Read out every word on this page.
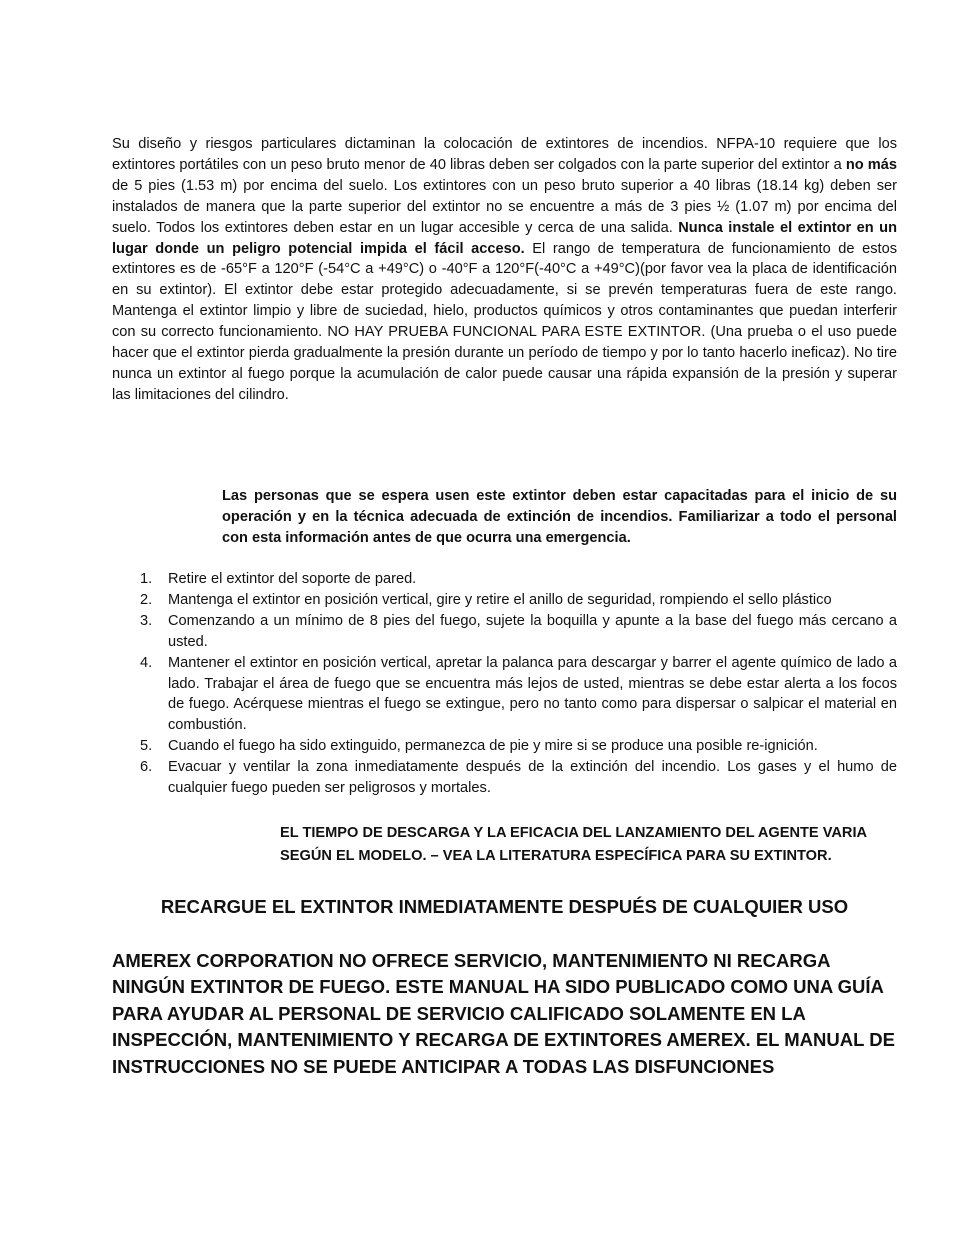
Su diseño y riesgos particulares dictaminan la colocación de extintores de incendios. NFPA-10 requiere que los extintores portátiles con un peso bruto menor de 40 libras deben ser colgados con la parte superior del extintor a no más de 5 pies (1.53 m) por encima del suelo. Los extintores con un peso bruto superior a 40 libras (18.14 kg) deben ser instalados de manera que la parte superior del extintor no se encuentre a más de 3 pies ½ (1.07 m) por encima del suelo. Todos los extintores deben estar en un lugar accesible y cerca de una salida. Nunca instale el extintor en un lugar donde un peligro potencial impida el fácil acceso. El rango de temperatura de funcionamiento de estos extintores es de -65°F a 120°F (-54°C a +49°C) o -40°F a 120°F(-40°C a +49°C)(por favor vea la placa de identificación en su extintor). El extintor debe estar protegido adecuadamente, si se prevén temperaturas fuera de este rango. Mantenga el extintor limpio y libre de suciedad, hielo, productos químicos y otros contaminantes que puedan interferir con su correcto funcionamiento. NO HAY PRUEBA FUNCIONAL PARA ESTE EXTINTOR. (Una prueba o el uso puede hacer que el extintor pierda gradualmente la presión durante un período de tiempo y por lo tanto hacerlo ineficaz). No tire nunca un extintor al fuego porque la acumulación de calor puede causar una rápida expansión de la presión y superar las limitaciones del cilindro.

Las personas que se espera usen este extintor deben estar capacitadas para el inicio de su operación y en la técnica adecuada de extinción de incendios. Familiarizar a todo el personal con esta información antes de que ocurra una emergencia.

1. Retire el extintor del soporte de pared.
2. Mantenga el extintor en posición vertical, gire y retire el anillo de seguridad, rompiendo el sello plástico
3. Comenzando a un mínimo de 8 pies del fuego, sujete la boquilla y apunte a la base del fuego más cercano a usted.
4. Mantener el extintor en posición vertical, apretar la palanca para descargar y barrer el agente químico de lado a lado. Trabajar el área de fuego que se encuentra más lejos de usted, mientras se debe estar alerta a los focos de fuego. Acérquese mientras el fuego se extingue, pero no tanto como para dispersar o salpicar el material en combustión.
5. Cuando el fuego ha sido extinguido, permanezca de pie y mire si se produce una posible re-ignición.
6. Evacuar y ventilar la zona inmediatamente después de la extinción del incendio. Los gases y el humo de cualquier fuego pueden ser peligrosos y mortales.
EL TIEMPO DE DESCARGA Y LA EFICACIA DEL LANZAMIENTO DEL AGENTE VARIA
SEGÚN EL MODELO. – VEA LA LITERATURA ESPECÍFICA PARA SU EXTINTOR.

RECARGUE EL EXTINTOR INMEDIATAMENTE DESPUÉS DE CUALQUIER USO

AMEREX CORPORATION NO OFRECE SERVICIO, MANTENIMIENTO NI RECARGA
NINGÚN EXTINTOR DE FUEGO. ESTE MANUAL HA SIDO PUBLICADO COMO UNA GUÍA
PARA AYUDAR AL PERSONAL DE SERVICIO CALIFICADO SOLAMENTE EN LA
INSPECCIÓN, MANTENIMIENTO Y RECARGA DE EXTINTORES AMEREX. EL MANUAL DE
INSTRUCCIONES NO SE PUEDE ANTICIPAR A TODAS LAS DISFUNCIONES
